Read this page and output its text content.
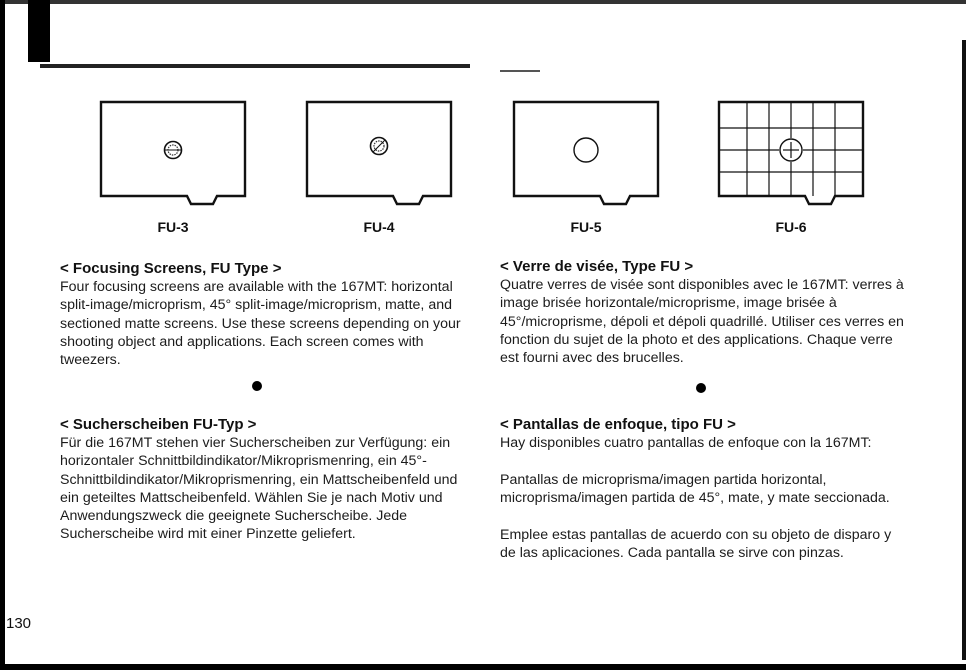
FU-3	FU-4	FU-5	FU-6
< Focusing Screens, FU Type >
Four focusing screens are available with the 167MT: horizontal split-image/microprism, 45° split-image/microprism, matte, and sectioned matte screens. Use these screens depending on your shooting object and applications. Each screen comes with tweezers.
< Sucherscheiben FU-Typ >
Für die 167MT stehen vier Sucherscheiben zur Verfügung: ein horizontaler Schnittbildindikator/Mikroprismenring, ein 45°-Schnittbildindikator/Mikroprismenring, ein Mattscheibenfeld und ein geteiltes Mattscheibenfeld. Wählen Sie je nach Motiv und Anwendungszweck die geeignete Sucherscheibe. Jede Sucherscheibe wird mit einer Pinzette geliefert.
< Verre de visée, Type FU >
Quatre verres de visée sont disponibles avec le 167MT: verres à image brisée horizontale/microprisme, image brisée à 45°/microprisme, dépoli et dépoli quadrillé. Utiliser ces verres en fonction du sujet de la photo et des applications. Chaque verre est fourni avec des brucelles.
< Pantallas de enfoque, tipo FU >
Hay disponibles cuatro pantallas de enfoque con la 167MT:
Pantallas de microprisma/imagen partida horizontal, microprisma/imagen partida de 45°, mate, y mate seccionada.
Emplee estas pantallas de acuerdo con su objeto de disparo y de las aplicaciones. Cada pantalla se sirve con pinzas.
130
